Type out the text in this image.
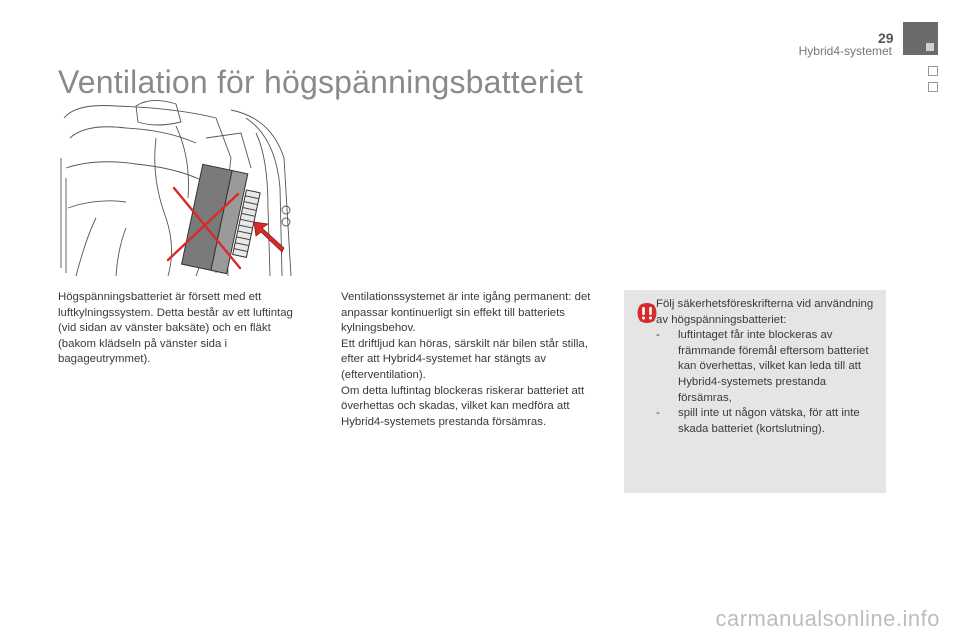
29
Hybrid4-systemet
Ventilation för högspänningsbatteriet
Högspänningsbatteriet är försett med ett luftkylningssystem. Detta består av ett luftintag (vid sidan av vänster baksäte) och en fläkt (bakom klädseln på vänster sida i bagageutrymmet).

Ventilationssystemet är inte igång permanent: det anpassar kontinuerligt sin effekt till batteriets kylningsbehov.

Ett driftljud kan höras, särskilt när bilen står stilla, efter att Hybrid4-systemet har stängts av (efterventilation).

Om detta luftintag blockeras riskerar batteriet att överhettas och skadas, vilket kan medföra att Hybrid4-systemets prestanda försämras.

Följ säkerhetsföreskrifterna vid användning av högspänningsbatteriet:

-	luftintaget får inte blockeras av främmande föremål eftersom batteriet kan överhettas, vilket kan leda till att Hybrid4-systemets prestanda försämras,
-	spill inte ut någon vätska, för att inte skada batteriet (kortslutning).
carmanualsonline.info
